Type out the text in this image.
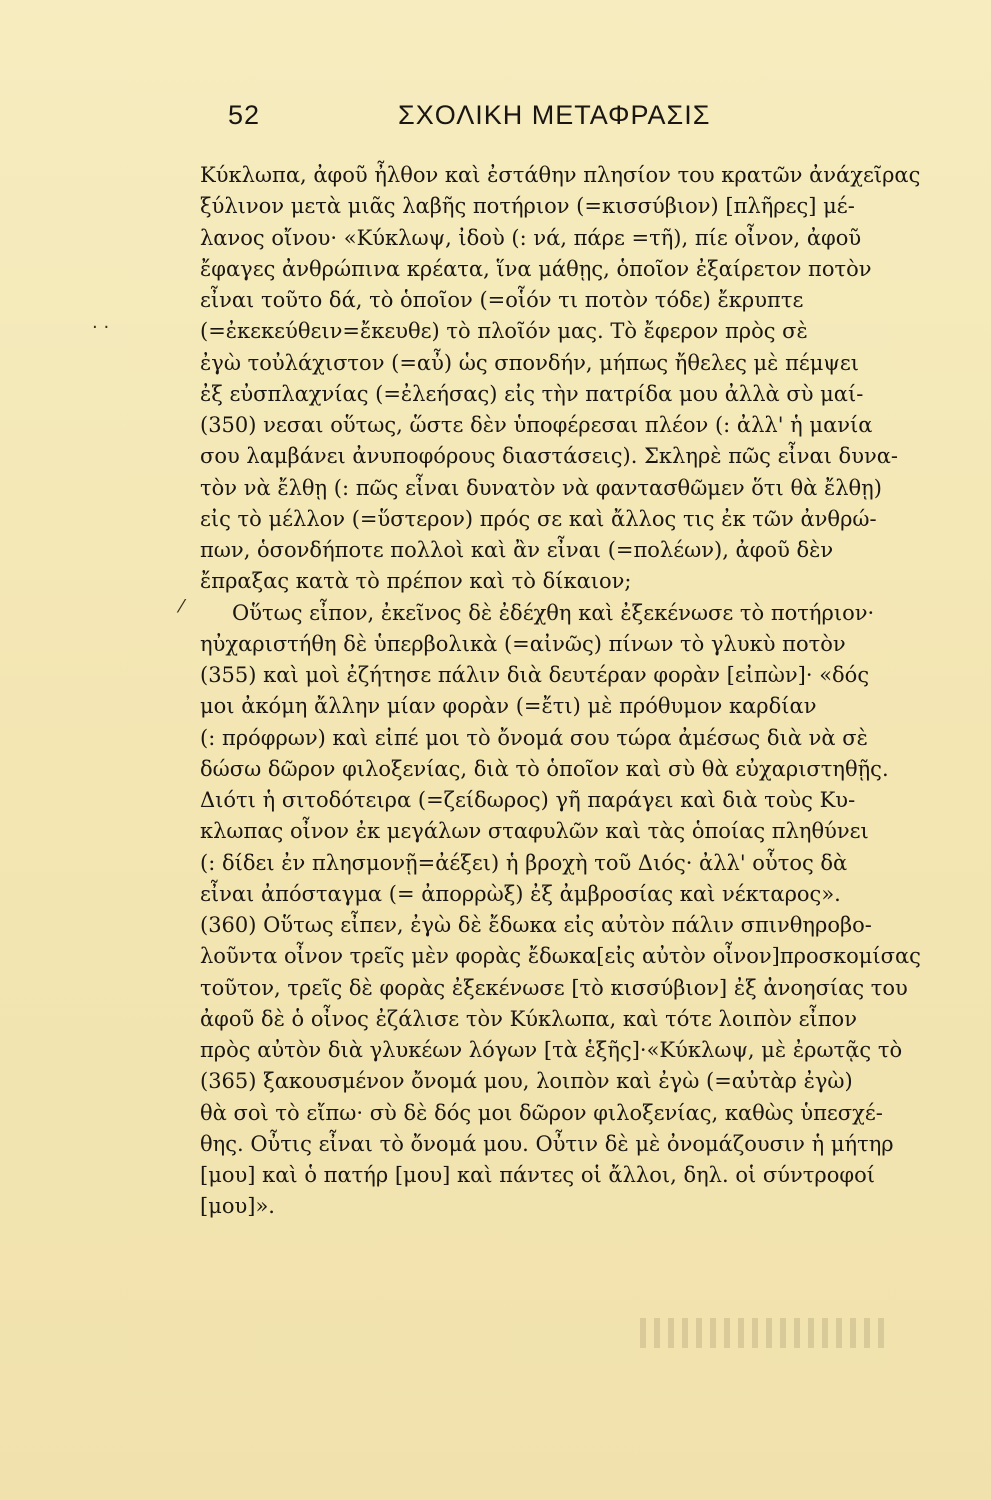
52	ΣΧΟΛΙΚΗ ΜΕΤΑΦΡΑΣΙΣ
. .
⁄
Κύκλωπα, ἀφοῦ ἦλθον καὶ ἐστάθην πλησίον του κρατῶν ἀνάχεῖρας
ξύλινον μετὰ μιᾶς λαβῆς ποτήριον (=κισσύβιον) [πλῆρες] μέ-
λανος οἴνου· «Κύκλωψ, ἰδοὺ (: νά, πάρε =τῆ), πίε οἶνον, ἀφοῦ
ἔφαγες ἀνθρώπινα κρέατα, ἵνα μάθῃς, ὁποῖον ἐξαίρετον ποτὸν
εἶναι τοῦτο δά, τὸ ὁποῖον (=οἷόν τι ποτὸν τόδε) ἔκρυπτε
(=ἐκεκεύθειν=ἔκευθε) τὸ πλοῖόν μας. Τὸ ἔφερον πρὸς σὲ
ἐγὼ τοὐλάχιστον (=αὖ) ὡς σπονδήν, μήπως ἤθελες μὲ πέμψει
ἐξ εὐσπλαχνίας (=ἐλεήσας) εἰς τὴν πατρίδα μου ἀλλὰ σὺ μαί-
(350) νεσαι οὕτως, ὥστε δὲν ὑποφέρεσαι πλέον (: ἀλλ' ἡ μανία
σου λαμβάνει ἀνυποφόρους διαστάσεις). Σκληρὲ πῶς εἶναι δυνα-
τὸν νὰ ἔλθῃ (: πῶς εἶναι δυνατὸν νὰ φαντασθῶμεν ὅτι θὰ ἔλθῃ)
εἰς τὸ μέλλον (=ὕστερον) πρός σε καὶ ἄλλος τις ἐκ τῶν ἀνθρώ-
πων, ὁσονδήποτε πολλοὶ καὶ ἂν εἶναι (=πολέων), ἀφοῦ δὲν
ἔπραξας κατὰ τὸ πρέπον καὶ τὸ δίκαιον;
Οὕτως εἶπον, ἐκεῖνος δὲ ἐδέχθη καὶ ἐξεκένωσε τὸ ποτήριον·
ηὐχαριστήθη δὲ ὑπερβολικὰ (=αἰνῶς) πίνων τὸ γλυκὺ ποτὸν
(355) καὶ μοὶ ἐζήτησε πάλιν διὰ δευτέραν φορὰν [εἰπὼν]· «δός
μοι ἀκόμη ἄλλην μίαν φορὰν (=ἔτι) μὲ πρόθυμον καρδίαν
(: πρόφρων) καὶ εἰπέ μοι τὸ ὄνομά σου τώρα ἀμέσως διὰ νὰ σὲ
δώσω δῶρον φιλοξενίας, διὰ τὸ ὁποῖον καὶ σὺ θὰ εὐχαριστηθῇς.
Διότι ἡ σιτοδότειρα (=ζείδωρος) γῆ παράγει καὶ διὰ τοὺς Κυ-
κλωπας οἶνον ἐκ μεγάλων σταφυλῶν καὶ τὰς ὁποίας πληθύνει
(: δίδει ἐν πλησμονῇ=ἀέξει) ἡ βροχὴ τοῦ Διός· ἀλλ' οὗτος δὰ
εἶναι ἀπόσταγμα (= ἀπορρὼξ) ἐξ ἀμβροσίας καὶ νέκταρος».
(360) Οὕτως εἶπεν, ἐγὼ δὲ ἔδωκα εἰς αὐτὸν πάλιν σπινθηροβο-
λοῦντα οἶνον τρεῖς μὲν φορὰς ἔδωκα[εἰς αὐτὸν οἶνον]προσκομίσας
τοῦτον, τρεῖς δὲ φορὰς ἐξεκένωσε [τὸ κισσύβιον] ἐξ ἀνοησίας του
ἀφοῦ δὲ ὁ οἶνος ἐζάλισε τὸν Κύκλωπα, καὶ τότε λοιπὸν εἶπον
πρὸς αὐτὸν διὰ γλυκέων λόγων [τὰ ἑξῆς]·«Κύκλωψ, μὲ ἐρωτᾷς τὸ
(365) ξακουσμένον ὄνομά μου, λοιπὸν καὶ ἐγὼ (=αὐτὰρ ἐγὼ)
θὰ σοὶ τὸ εἴπω· σὺ δὲ δός μοι δῶρον φιλοξενίας, καθὼς ὑπεσχέ-
θης. Οὖτις εἶναι τὸ ὄνομά μου. Οὖτιν δὲ μὲ ὀνομάζουσιν ἡ μήτηρ
[μου] καὶ ὁ πατήρ [μου] καὶ πάντες οἱ ἄλλοι, δηλ. οἱ σύντροφοί
[μου]».
